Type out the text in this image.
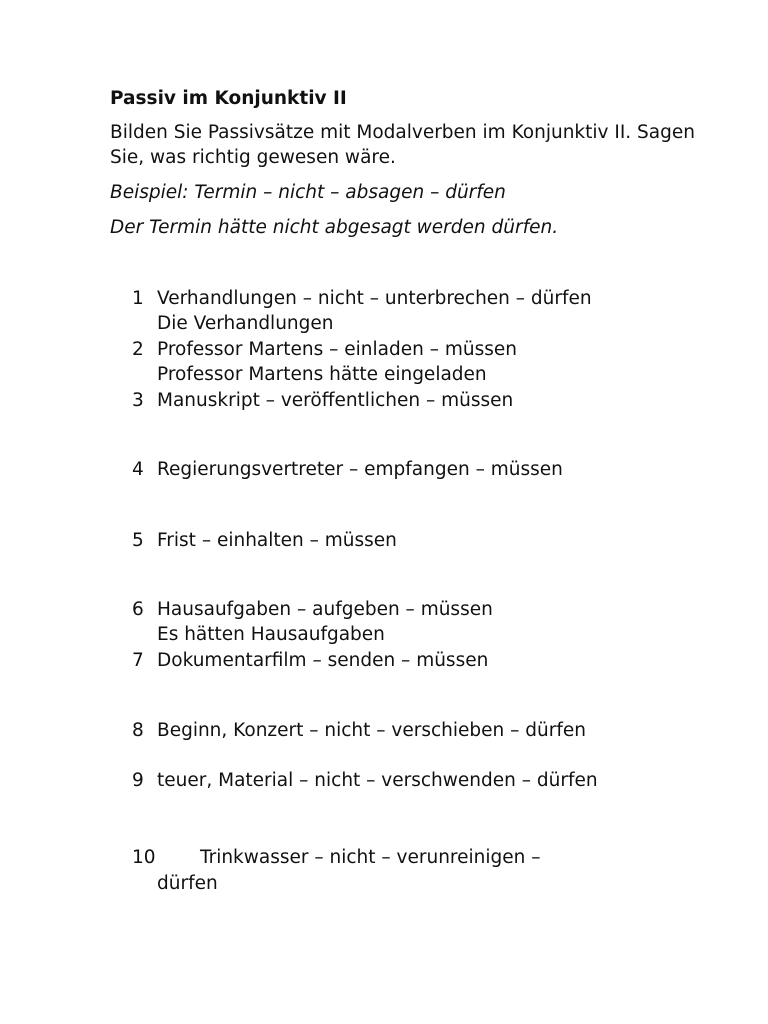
Passiv im Konjunktiv II

Bilden Sie Passivsätze mit Modalverben im Konjunktiv II. Sagen Sie, was richtig gewesen wäre.

Beispiel: Termin – nicht – absagen – dürfen

Der Termin hätte nicht abgesagt werden dürfen.

1 Verhandlungen – nicht – unterbrechen – dürfen
Die Verhandlungen
2 Professor Martens – einladen – müssen
Professor Martens hätte eingeladen
3 Manuskript – veröffentlichen – müssen
4 Regierungsvertreter – empfangen – müssen
5 Frist – einhalten – müssen
6 Hausaufgaben – aufgeben – müssen
Es hätten Hausaufgaben
7 Dokumentarfilm – senden – müssen
8 Beginn, Konzert – nicht – verschieben – dürfen
9 teuer, Material – nicht – verschwenden – dürfen
10 Trinkwasser – nicht – verunreinigen –
dürfen
